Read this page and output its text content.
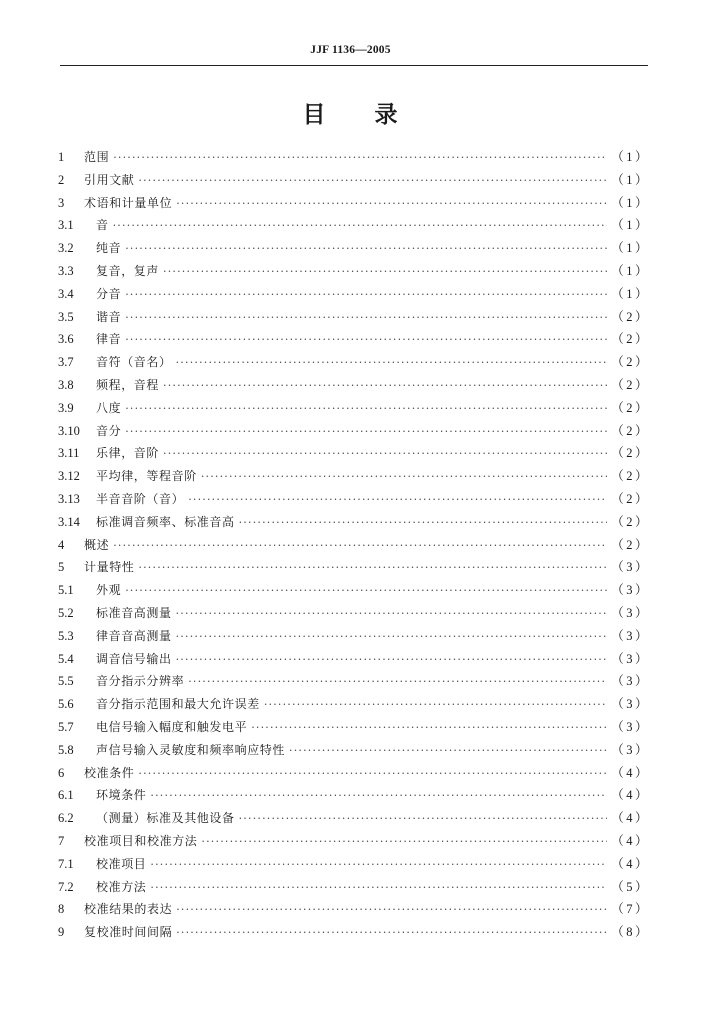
JJF 1136—2005
目 录
1	范围 ·····	（1）
2	引用文献 ·····	（1）
3	术语和计量单位 ·····	（1）
3.1	音 ·····	（1）
3.2	纯音 ·····	（1）
3.3	复音，复声 ·····	（1）
3.4	分音 ·····	（1）
3.5	谐音 ·····	（2）
3.6	律音 ·····	（2）
3.7	音符（音名） ·····	（2）
3.8	频程，音程 ·····	（2）
3.9	八度 ·····	（2）
3.10	音分 ·····	（2）
3.11	乐律，音阶 ·····	（2）
3.12	平均律，等程音阶 ·····	（2）
3.13	半音音阶（音） ·····	（2）
3.14	标准调音频率、标准音高 ·····	（2）
4	概述 ·····	（2）
5	计量特性 ·····	（3）
5.1	外观 ·····	（3）
5.2	标准音高测量 ·····	（3）
5.3	律音音高测量 ·····	（3）
5.4	调音信号输出 ·····	（3）
5.5	音分指示分辨率 ·····	（3）
5.6	音分指示范围和最大允许误差 ·····	（3）
5.7	电信号输入幅度和触发电平 ·····	（3）
5.8	声信号输入灵敏度和频率响应特性 ·····	（3）
6	校准条件 ·····	（4）
6.1	环境条件 ·····	（4）
6.2	（测量）标准及其他设备 ·····	（4）
7	校准项目和校准方法 ·····	（4）
7.1	校准项目 ·····	（4）
7.2	校准方法 ·····	（5）
8	校准结果的表达 ·····	（7）
9	复校准时间间隔 ·····	（8）
